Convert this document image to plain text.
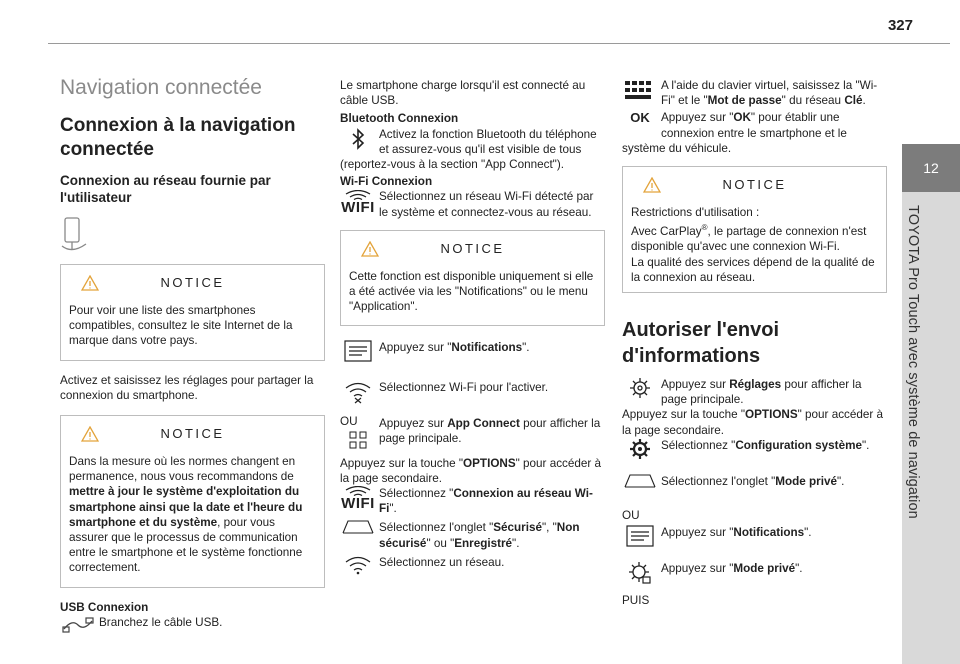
327
12
TOYOTA Pro Touch avec système de navigation
Navigation connectée
Connexion à la navigation connectée
Connexion au réseau fournie par l'utilisateur
NOTICE

Pour voir une liste des smartphones compatibles, consultez le site Internet de la marque dans votre pays.

Activez et saisissez les réglages pour partager la connexion du smartphone.

NOTICE

Dans la mesure où les normes changent en permanence, nous vous recommandons de mettre à jour le système d'exploitation du smartphone ainsi que la date et l'heure du smartphone et du système, pour vous assurer que le processus de communication entre le smartphone et le système fonctionne correctement.

USB Connexion

Branchez le câble USB.

Le smartphone charge lorsqu'il est connecté au câble USB.

Bluetooth Connexion

Activez la fonction Bluetooth du téléphone et assurez-vous qu'il est visible de tous (reportez-vous à la section "App Connect").

Wi-Fi Connexion

WIFI
Sélectionnez un réseau Wi-Fi détecté par le système et connectez-vous au réseau.
NOTICE

Cette fonction est disponible uniquement si elle a été activée via les "Notifications" ou le menu "Application".

Appuyez sur "Notifications".
Sélectionnez Wi-Fi pour l'activer.

OU	Appuyez sur App Connect pour afficher la page principale.

Appuyez sur la touche "OPTIONS" pour accéder à la page secondaire.

WIFI
Sélectionnez "Connexion au réseau Wi-Fi".
Sélectionnez l'onglet "Sécurisé", "Non sécurisé" ou "Enregistré".
Sélectionnez un réseau.
A l'aide du clavier virtuel, saisissez la "Wi-Fi" et le "Mot de passe" du réseau Clé.
OK Appuyez sur "OK" pour établir une connexion entre le smartphone et le système du véhicule.
NOTICE

Restrictions d'utilisation :

Avec CarPlay®, le partage de connexion n'est disponible qu'avec une connexion Wi-Fi.

La qualité des services dépend de la qualité de la connexion au réseau.

Autoriser l'envoi d'informations
Appuyez sur Réglages pour afficher la page principale.

Appuyez sur la touche "OPTIONS" pour accéder à la page secondaire.

Sélectionnez "Configuration système".
Sélectionnez l'onglet "Mode privé".

OU

Appuyez sur "Notifications".
Appuyez sur "Mode privé".

PUIS
